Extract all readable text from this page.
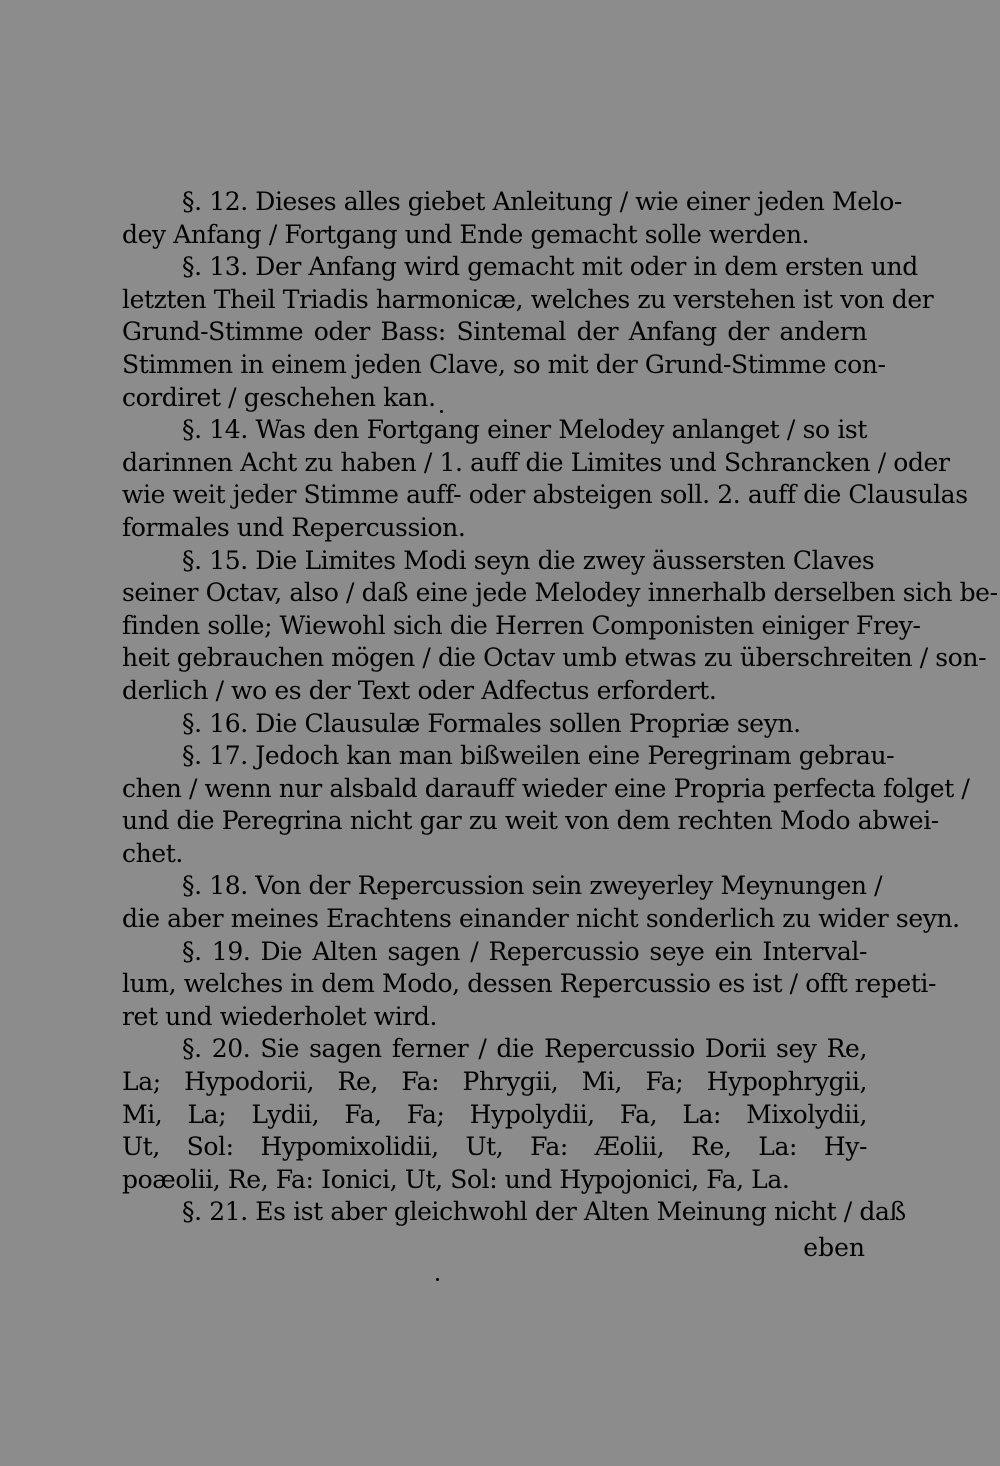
§. 12. Dieses alles giebet Anleitung / wie einer jeden Melo-
dey Anfang / Fortgang und Ende gemacht solle werden.
§. 13. Der Anfang wird gemacht mit oder in dem ersten und
letzten Theil Triadis harmonicæ, welches zu verstehen ist von der
Grund-Stimme oder Bass: Sintemal der Anfang der andern
Stimmen in einem jeden Clave, so mit der Grund-Stimme con-
cordiret / geschehen kan.
§. 14. Was den Fortgang einer Melodey anlanget / so ist
darinnen Acht zu haben / 1. auff die Limites und Schrancken / oder
wie weit jeder Stimme auff- oder absteigen soll. 2. auff die Clausulas
formales und Repercussion.
§. 15. Die Limites Modi seyn die zwey äussersten Claves
seiner Octav, also / daß eine jede Melodey innerhalb derselben sich be-
finden solle; Wiewohl sich die Herren Componisten einiger Frey-
heit gebrauchen mögen / die Octav umb etwas zu überschreiten / son-
derlich / wo es der Text oder Adfectus erfordert.
§. 16. Die Clausulæ Formales sollen Propriæ seyn.
§. 17. Jedoch kan man bißweilen eine Peregrinam gebrau-
chen / wenn nur alsbald darauff wieder eine Propria perfecta folget /
und die Peregrina nicht gar zu weit von dem rechten Modo abwei-
chet.
§. 18. Von der Repercussion sein zweyerley Meynungen /
die aber meines Erachtens einander nicht sonderlich zu wider seyn.
§. 19. Die Alten sagen / Repercussio seye ein Interval-
lum, welches in dem Modo, dessen Repercussio es ist / offt repeti-
ret und wiederholet wird.
§. 20. Sie sagen ferner / die Repercussio Dorii sey Re,
La; Hypodorii, Re, Fa: Phrygii, Mi, Fa; Hypophrygii,
Mi, La; Lydii, Fa, Fa; Hypolydii, Fa, La: Mixolydii,
Ut, Sol: Hypomixolidii, Ut, Fa: Æolii, Re, La: Hy-
poæolii, Re, Fa: Ionici, Ut, Sol: und Hypojonici, Fa, La.
§. 21. Es ist aber gleichwohl der Alten Meinung nicht / daß
eben
